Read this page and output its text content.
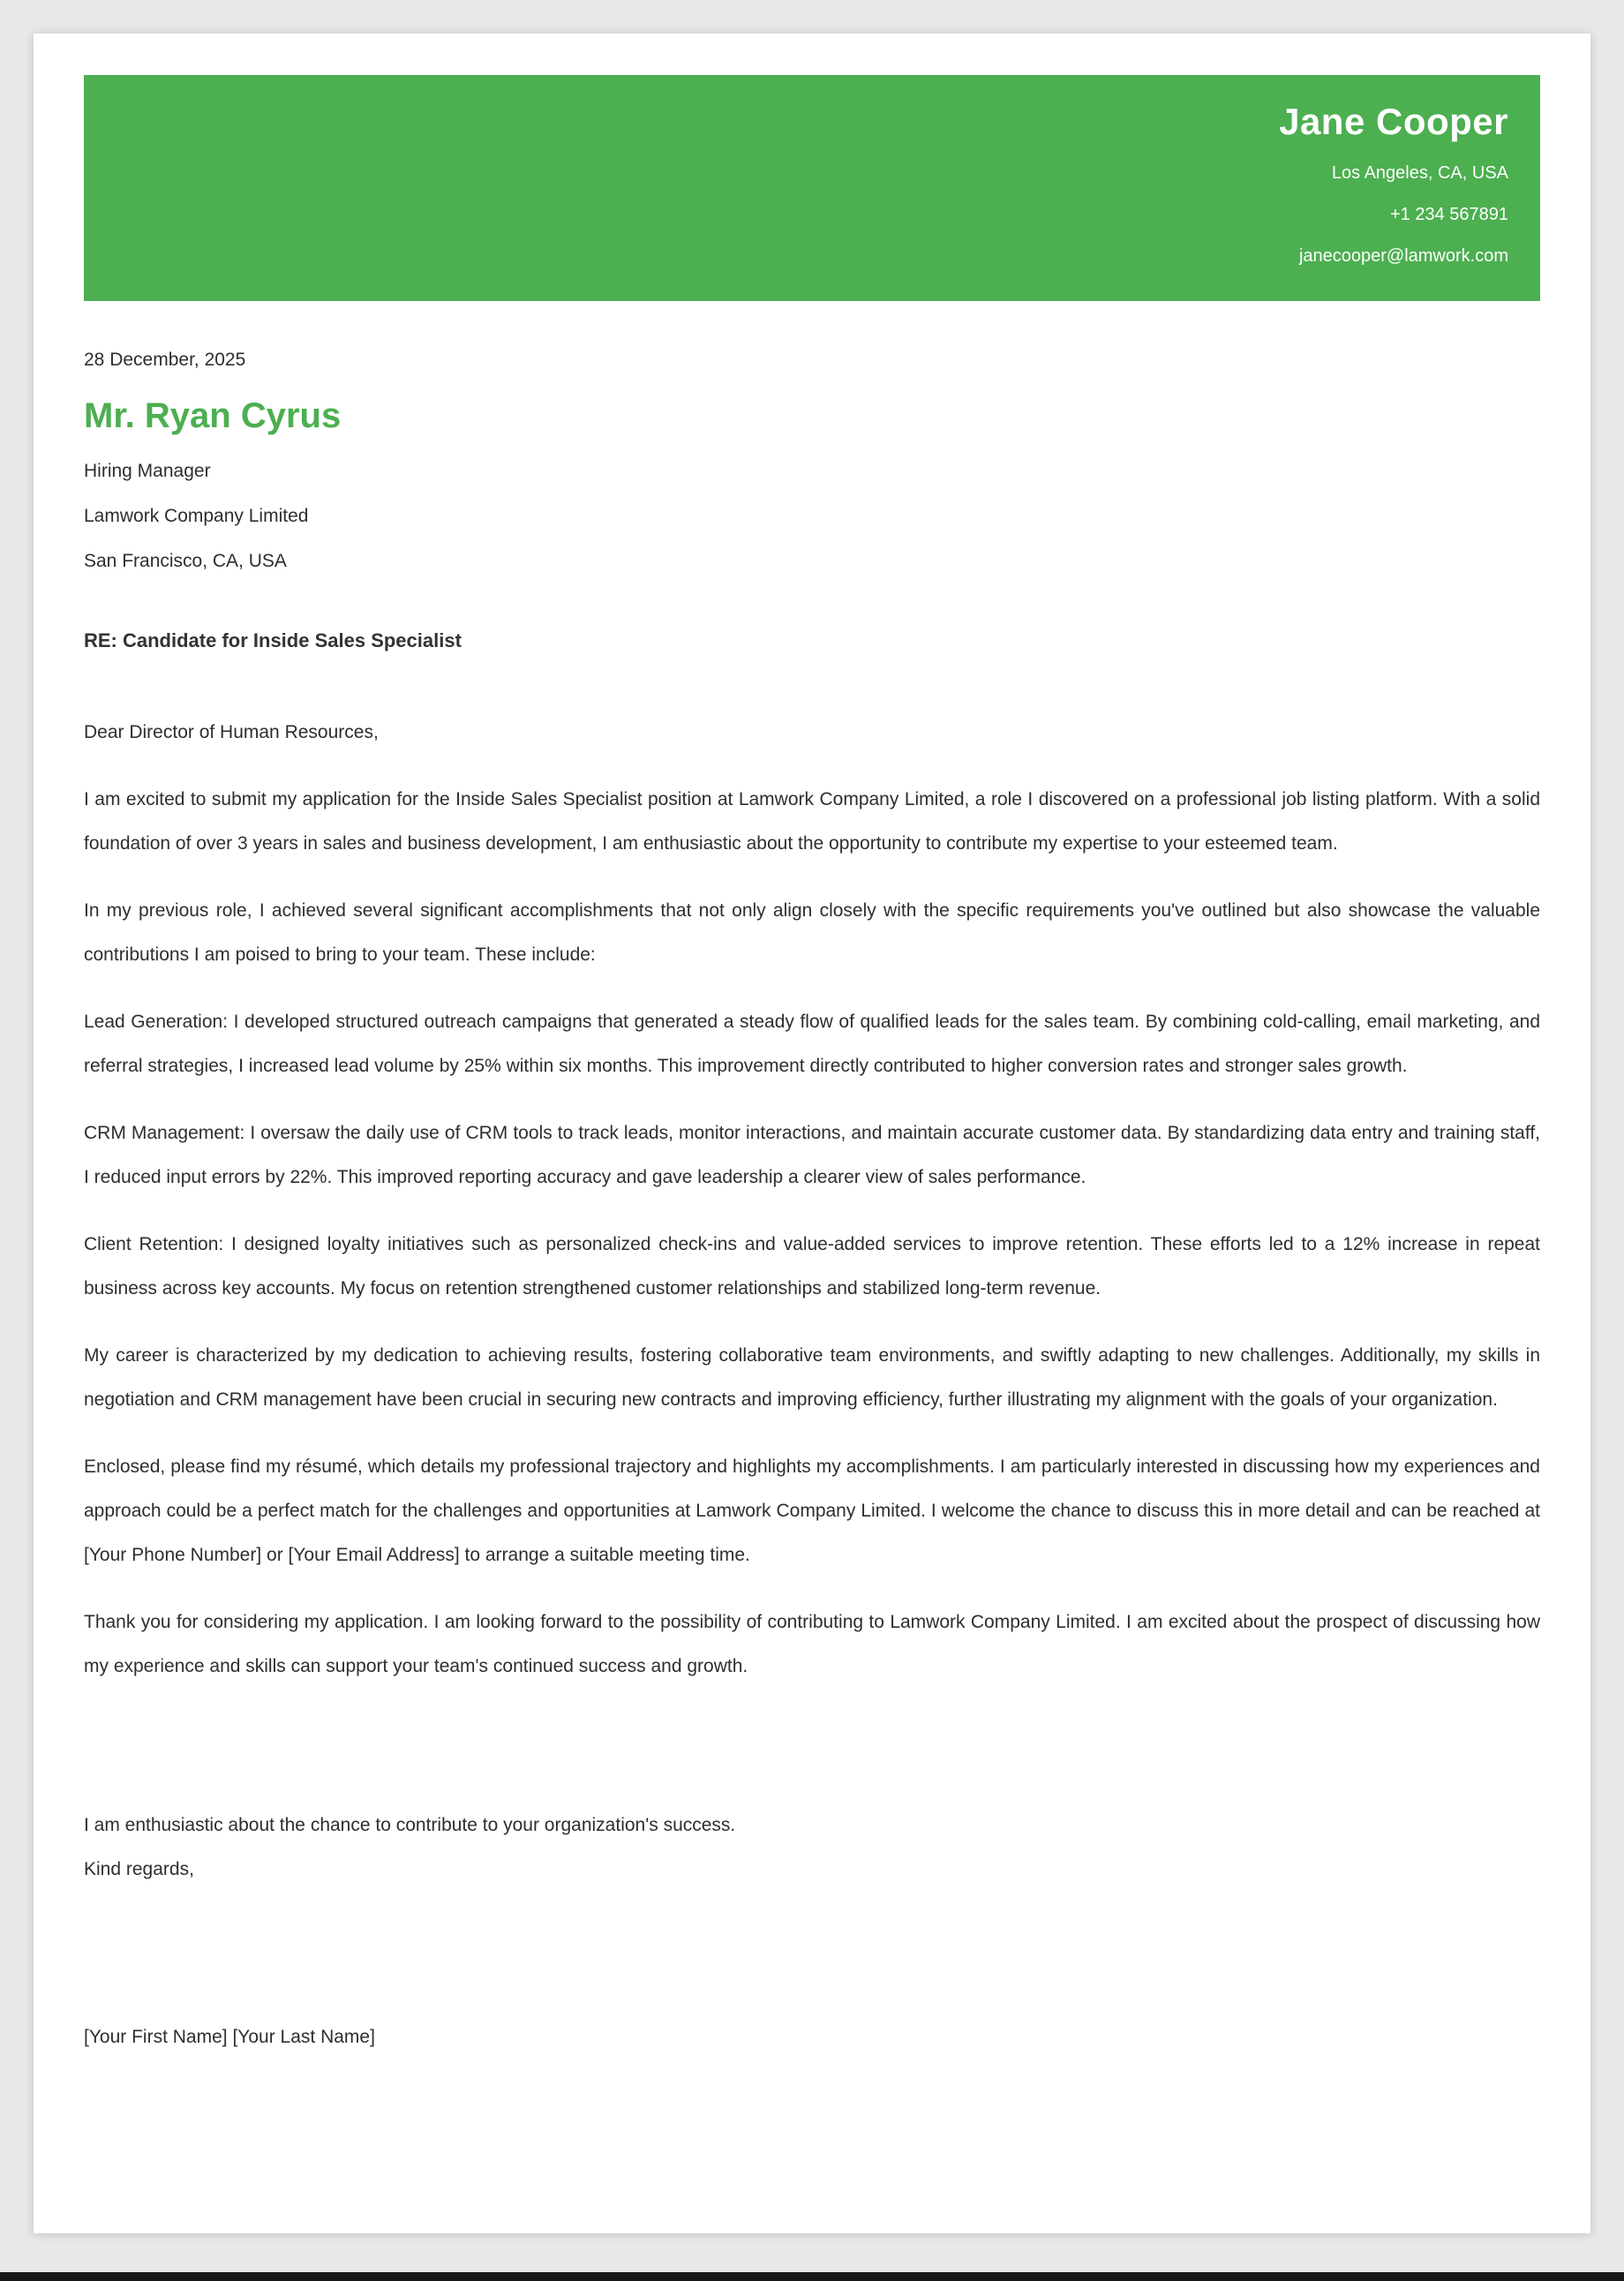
Jane Cooper
Los Angeles, CA, USA
+1 234 567891
janecooper@lamwork.com
28 December, 2025
Mr. Ryan Cyrus
Hiring Manager
Lamwork Company Limited
San Francisco, CA, USA
RE: Candidate for Inside Sales Specialist
Dear Director of Human Resources,

I am excited to submit my application for the Inside Sales Specialist position at Lamwork Company Limited, a role I discovered on a professional job listing platform. With a solid foundation of over 3 years in sales and business development, I am enthusiastic about the opportunity to contribute my expertise to your esteemed team.

In my previous role, I achieved several significant accomplishments that not only align closely with the specific requirements you've outlined but also showcase the valuable contributions I am poised to bring to your team. These include:

Lead Generation: I developed structured outreach campaigns that generated a steady flow of qualified leads for the sales team. By combining cold-calling, email marketing, and referral strategies, I increased lead volume by 25% within six months. This improvement directly contributed to higher conversion rates and stronger sales growth.

CRM Management: I oversaw the daily use of CRM tools to track leads, monitor interactions, and maintain accurate customer data. By standardizing data entry and training staff, I reduced input errors by 22%. This improved reporting accuracy and gave leadership a clearer view of sales performance.

Client Retention: I designed loyalty initiatives such as personalized check-ins and value-added services to improve retention. These efforts led to a 12% increase in repeat business across key accounts. My focus on retention strengthened customer relationships and stabilized long-term revenue.

My career is characterized by my dedication to achieving results, fostering collaborative team environments, and swiftly adapting to new challenges. Additionally, my skills in negotiation and CRM management have been crucial in securing new contracts and improving efficiency, further illustrating my alignment with the goals of your organization.

Enclosed, please find my résumé, which details my professional trajectory and highlights my accomplishments. I am particularly interested in discussing how my experiences and approach could be a perfect match for the challenges and opportunities at Lamwork Company Limited. I welcome the chance to discuss this in more detail and can be reached at [Your Phone Number] or [Your Email Address] to arrange a suitable meeting time.

Thank you for considering my application. I am looking forward to the possibility of contributing to Lamwork Company Limited. I am excited about the prospect of discussing how my experience and skills can support your team's continued success and growth.

I am enthusiastic about the chance to contribute to your organization's success.
Kind regards,
[Your First Name] [Your Last Name]
